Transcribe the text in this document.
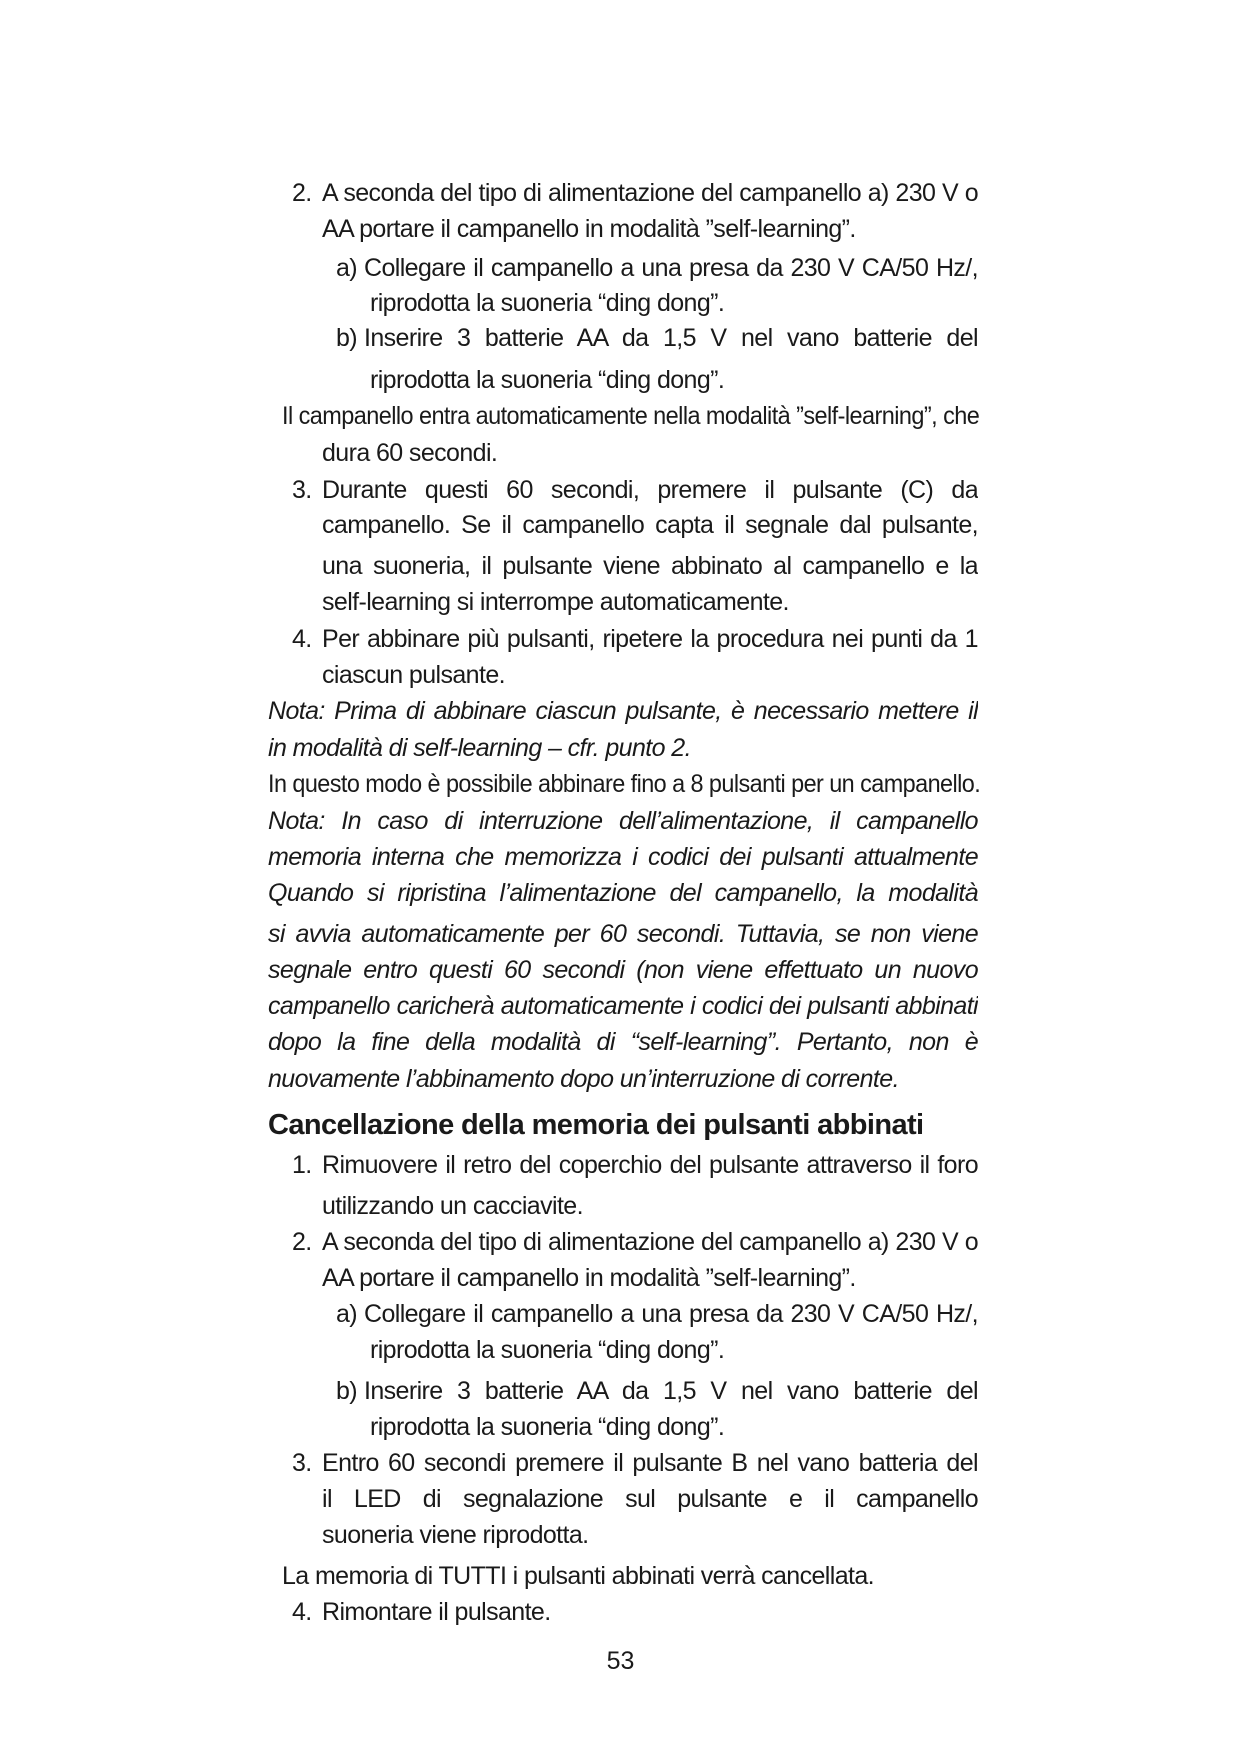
2. A seconda del tipo di alimentazione del campanello a) 230 V o
AA portare il campanello in modalità ”self-learning”.
a) Collegare il campanello a una presa da 230 V CA/50 Hz/,
riprodotta la suoneria “ding dong”.
b) Inserire 3 batterie AA da 1,5 V nel vano batterie del
riprodotta la suoneria “ding dong”.
Il campanello entra automaticamente nella modalità ”self-learning”, che
dura 60 secondi.
3. Durante questi 60 secondi, premere il pulsante (C) da
campanello. Se il campanello capta il segnale dal pulsante,
una suoneria, il pulsante viene abbinato al campanello e la
self-learning si interrompe automaticamente.
4. Per abbinare più pulsanti, ripetere la procedura nei punti da 1
ciascun pulsante.
Nota: Prima di abbinare ciascun pulsante, è necessario mettere il
in modalità di self-learning – cfr. punto 2.
In questo modo è possibile abbinare fino a 8 pulsanti per un campanello.
Nota: In caso di interruzione dell’alimentazione, il campanello
memoria interna che memorizza i codici dei pulsanti attualmente
Quando si ripristina l’alimentazione del campanello, la modalità
si avvia automaticamente per 60 secondi. Tuttavia, se non viene
segnale entro questi 60 secondi (non viene effettuato un nuovo
campanello caricherà automaticamente i codici dei pulsanti abbinati
dopo la fine della modalità di “self-learning”. Pertanto, non è
nuovamente l’abbinamento dopo un’interruzione di corrente.
Cancellazione della memoria dei pulsanti abbinati
1. Rimuovere il retro del coperchio del pulsante attraverso il foro
utilizzando un cacciavite.
2. A seconda del tipo di alimentazione del campanello a) 230 V o
AA portare il campanello in modalità ”self-learning”.
a) Collegare il campanello a una presa da 230 V CA/50 Hz/,
riprodotta la suoneria “ding dong”.
b) Inserire 3 batterie AA da 1,5 V nel vano batterie del
riprodotta la suoneria “ding dong”.
3. Entro 60 secondi premere il pulsante B nel vano batteria del
il LED di segnalazione sul pulsante e il campanello
suoneria viene riprodotta.
La memoria di TUTTI i pulsanti abbinati verrà cancellata.
4. Rimontare il pulsante.
53
